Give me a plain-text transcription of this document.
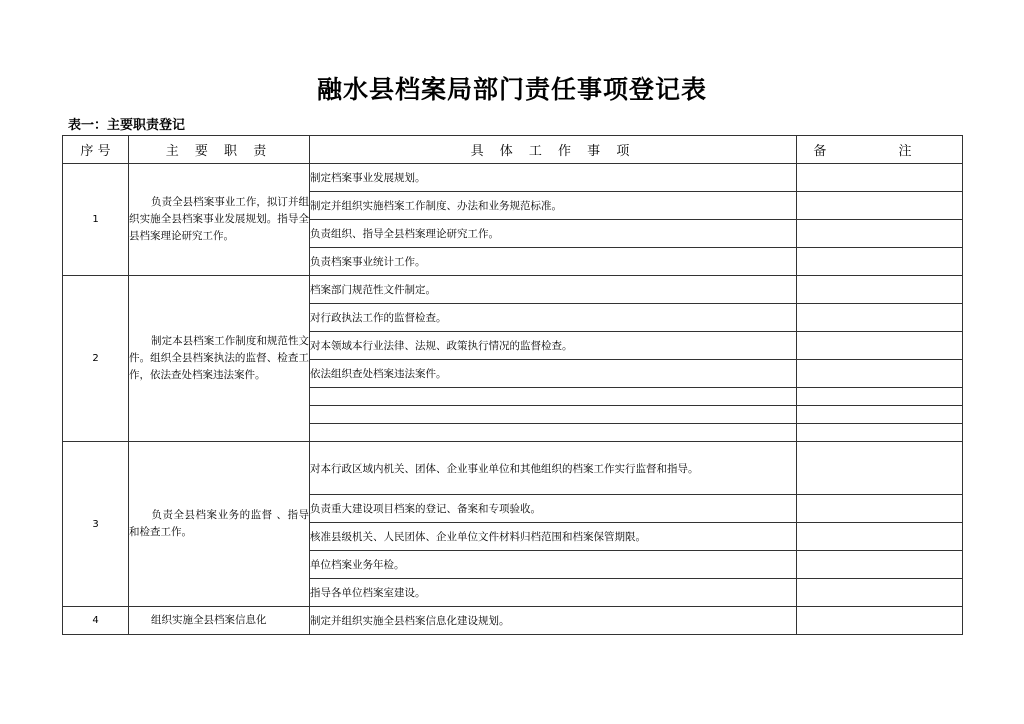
融水县档案局部门责任事项登记表
表一：主要职责登记
序 号	主 要 职 责	具 体 工 作 事 项	备 注
1	负责全县档案事业工作，拟订并组织实施全县档案事业发展规划。指导全县档案理论研究工作。	制定档案事业发展规划。	
		制定并组织实施档案工作制度、办法和业务规范标准。	
		负责组织、指导全县档案理论研究工作。	
		负责档案事业统计工作。	
2	制定本县档案工作制度和规范性文件。组织全县档案执法的监督、检查工作，依法查处档案违法案件。	档案部门规范性文件制定。	
		对行政执法工作的监督检查。	
		对本领域本行业法律、法规、政策执行情况的监督检查。	
		依法组织查处档案违法案件。	

3	负责全县档案业务的监督 、指导和检查工作。	对本行政区域内机关、团体、企业事业单位和其他组织的档案工作实行监督和指导。	
		负责重大建设项目档案的登记、备案和专项验收。	
		核准县级机关、人民团体、企业单位文件材料归档范围和档案保管期限。	
		单位档案业务年检。	
		指导各单位档案室建设。	
4	组织实施全县档案信息化	制定并组织实施全县档案信息化建设规划。	
